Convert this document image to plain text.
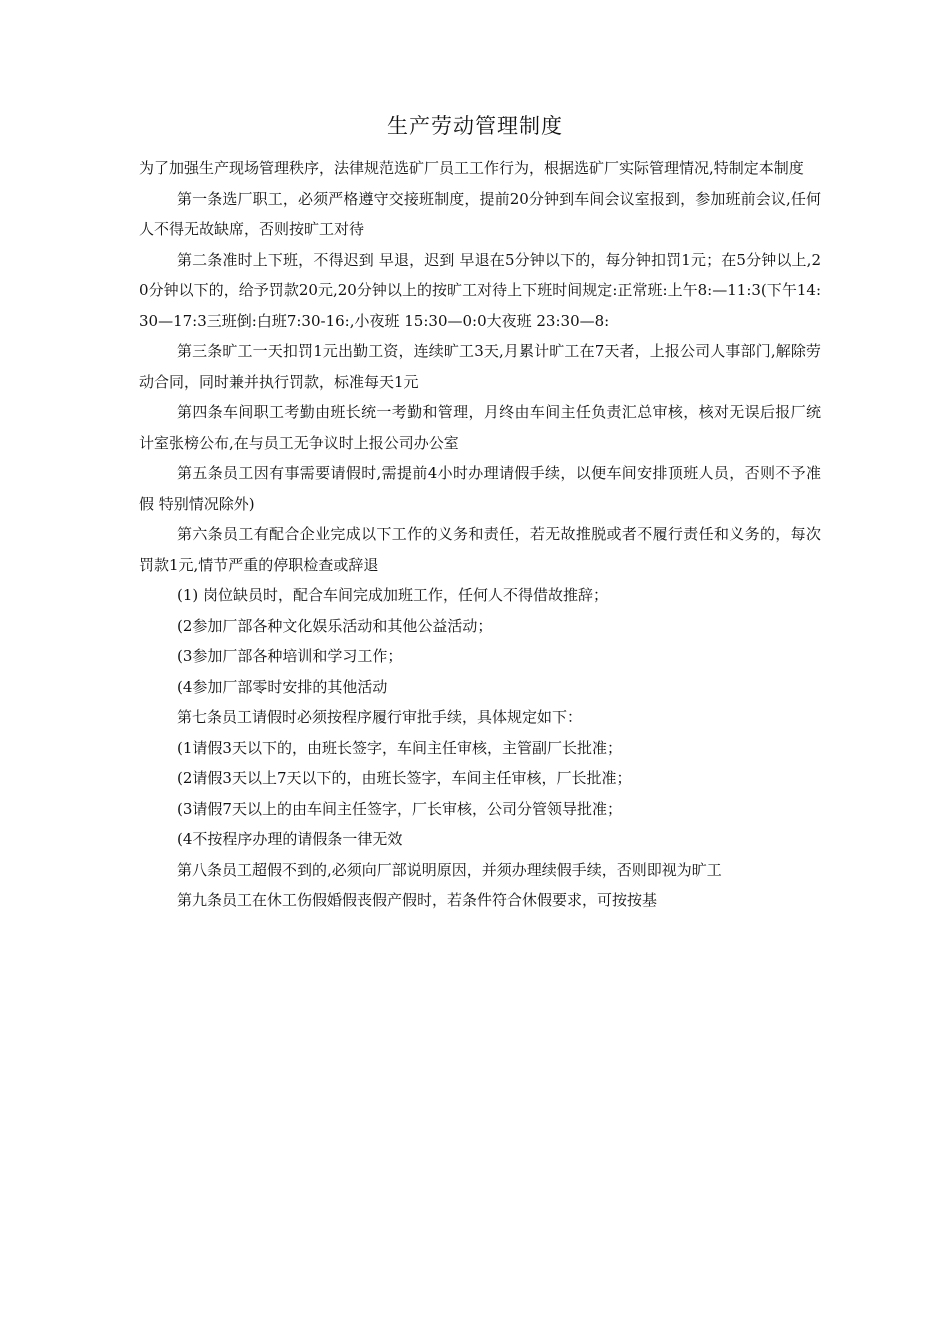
生产劳动管理制度

为了加强生产现场管理秩序，法律规范选矿厂员工工作行为，根据选矿厂实际管理情况,特制定本制度

第一条选厂职工，必须严格遵守交接班制度，提前20分钟到车间会议室报到，参加班前会议,任何人不得无故缺席，否则按旷工对待

第二条准时上下班，不得迟到 早退，迟到 早退在5分钟以下的，每分钟扣罚1元；在5分钟以上,20分钟以下的，给予罚款20元,20分钟以上的按旷工对待上下班时间规定:正常班:上午8:—11:3(下午14:30—17:3三班倒:白班7:30-16:,小夜班 15:30—0:0大夜班 23:30—8:

第三条旷工一天扣罚1元出勤工资，连续旷工3天,月累计旷工在7天者，上报公司人事部门,解除劳动合同，同时兼并执行罚款，标准每天1元

第四条车间职工考勤由班长统一考勤和管理，月终由车间主任负责汇总审核，核对无误后报厂统计室张榜公布,在与员工无争议时上报公司办公室

第五条员工因有事需要请假时,需提前4小时办理请假手续，以便车间安排顶班人员，否则不予准假 特别情况除外)

第六条员工有配合企业完成以下工作的义务和责任，若无故推脱或者不履行责任和义务的，每次罚款1元,情节严重的停职检查或辞退

(1) 岗位缺员时，配合车间完成加班工作，任何人不得借故推辞；

(2参加厂部各种文化娱乐活动和其他公益活动；

(3参加厂部各种培训和学习工作；

(4参加厂部零时安排的其他活动

第七条员工请假时必须按程序履行审批手续，具体规定如下：

(1请假3天以下的，由班长签字，车间主任审核，主管副厂长批准；

(2请假3天以上7天以下的，由班长签字，车间主任审核，厂长批准；

(3请假7天以上的由车间主任签字，厂长审核，公司分管领导批准；

(4不按程序办理的请假条一律无效

第八条员工超假不到的,必须向厂部说明原因，并须办理续假手续，否则即视为旷工

第九条员工在休工伤假婚假丧假产假时，若条件符合休假要求，可按按基
